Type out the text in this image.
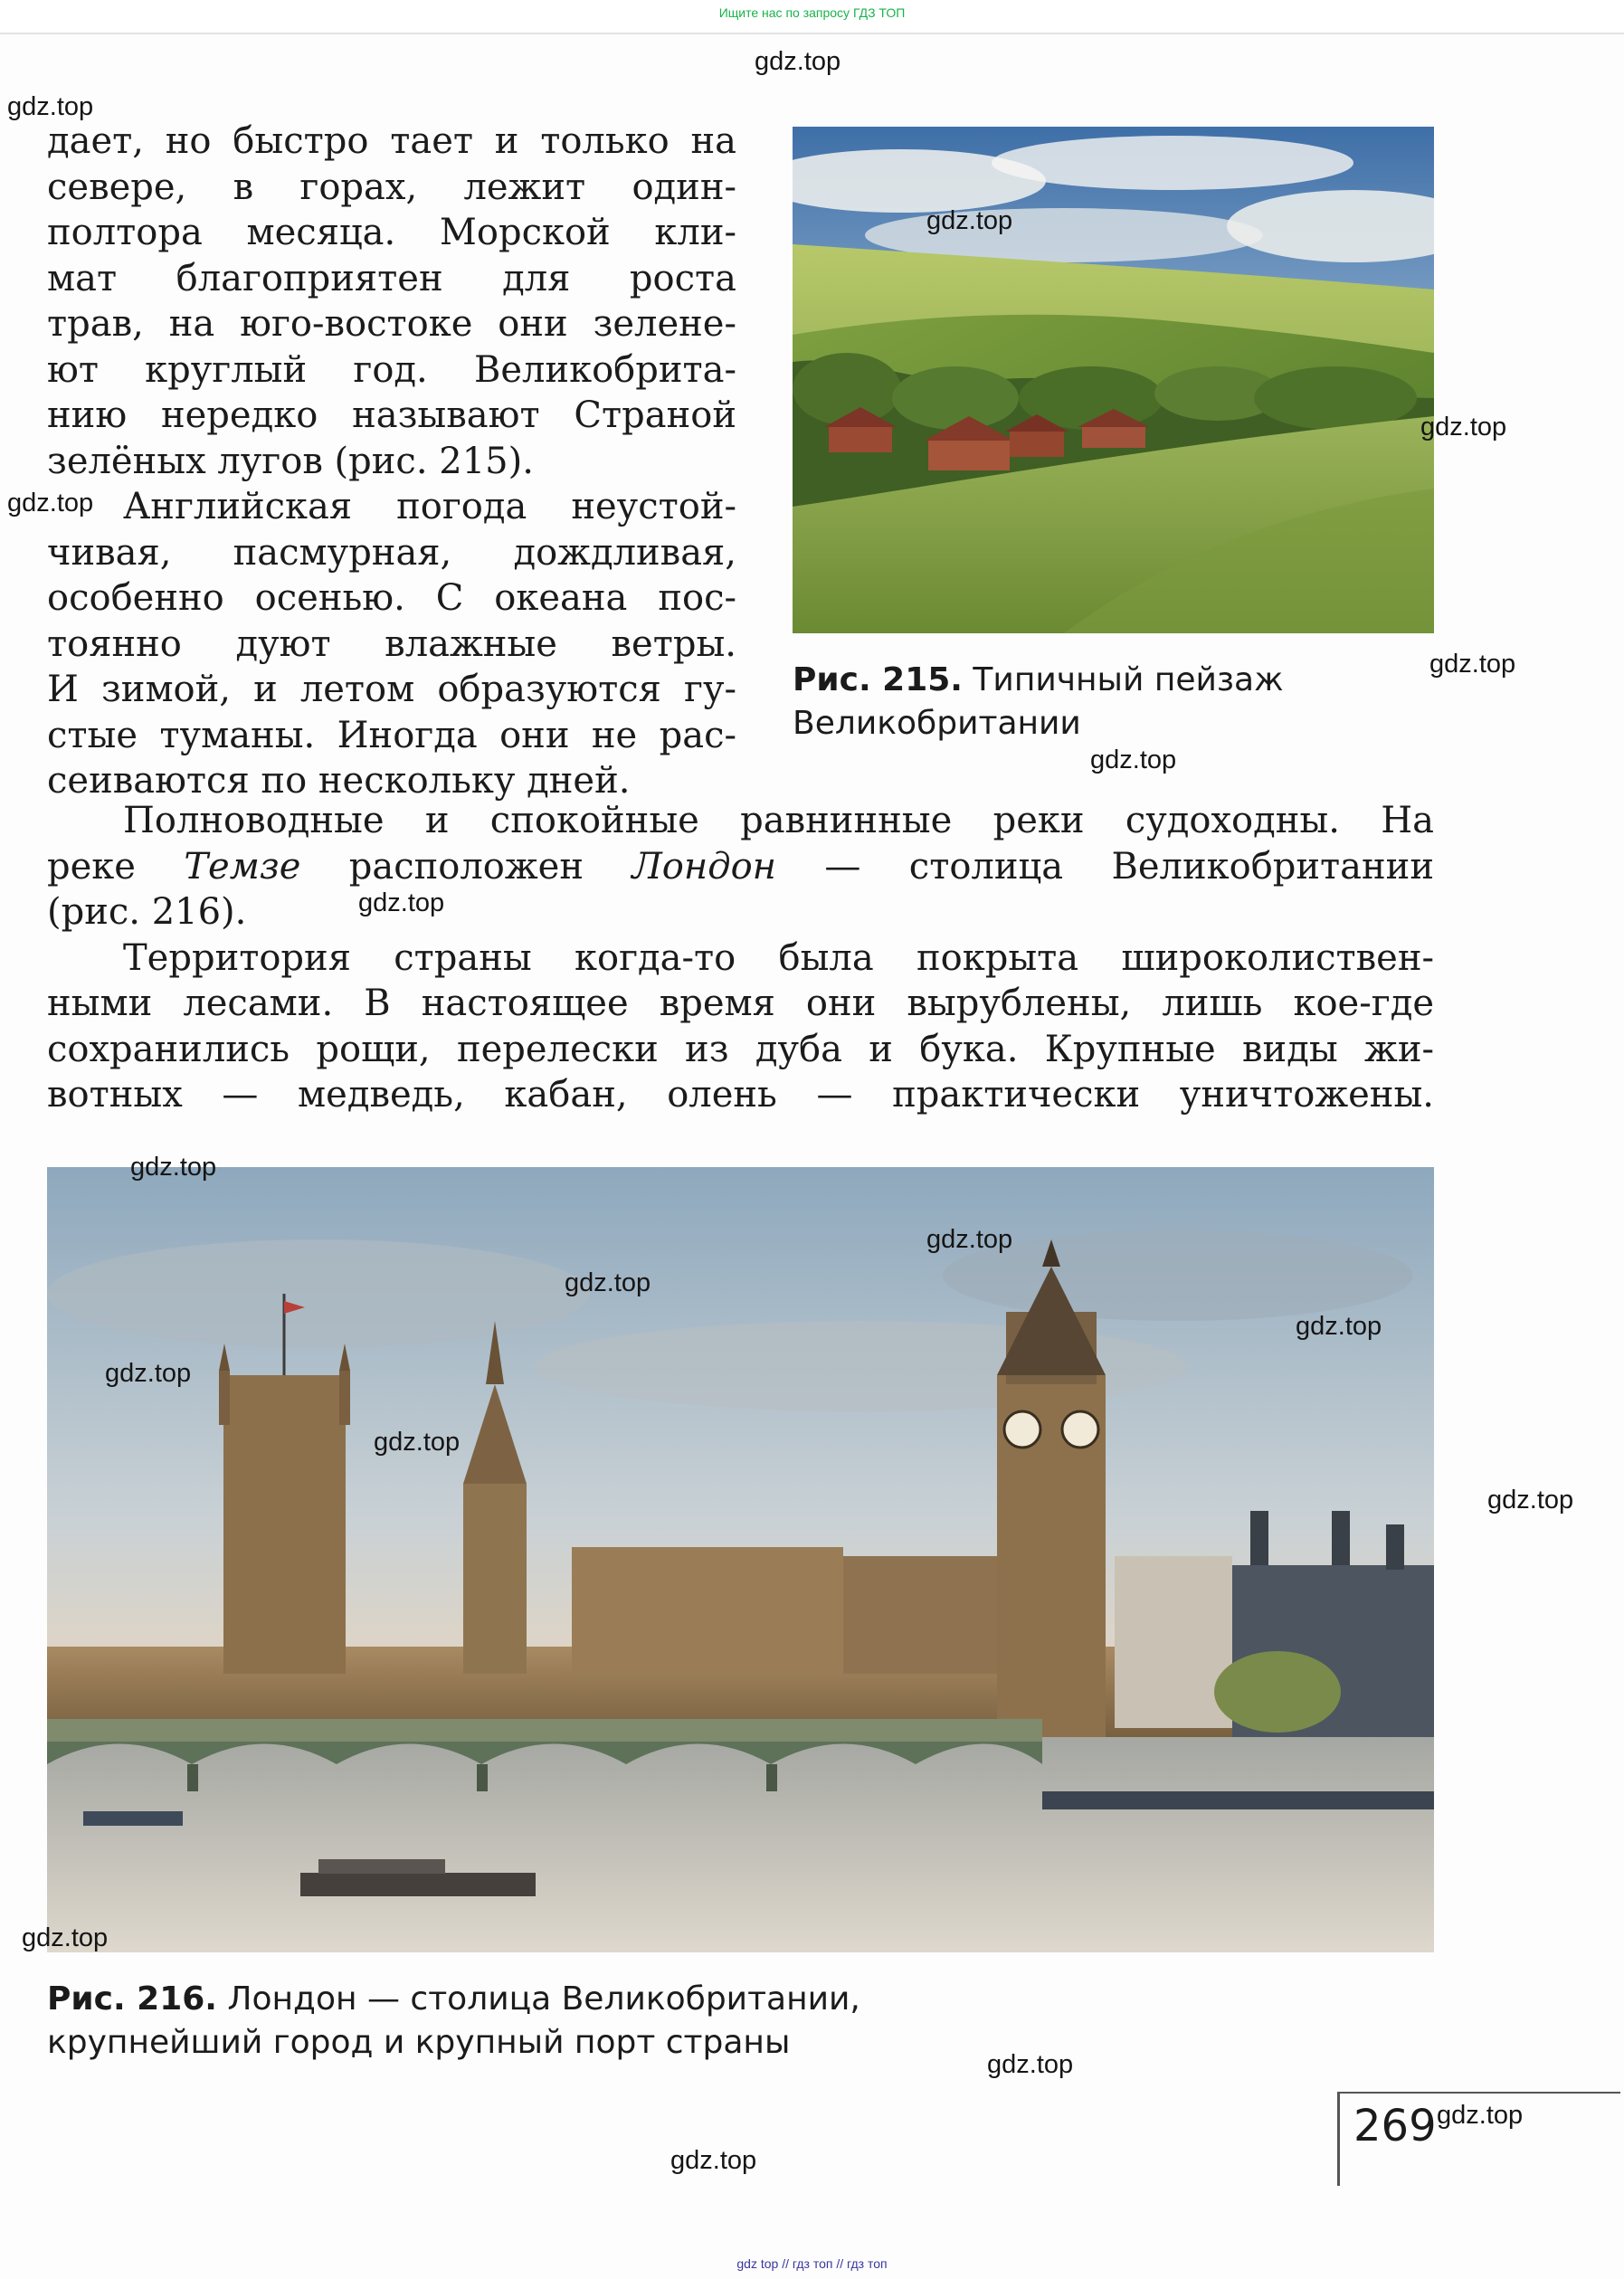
Ищите нас по запросу ГДЗ ТОП

дает, но быстро тает и только на

севере, в горах, лежит один-

полтора месяца. Морской кли-

мат благоприятен для роста

трав, на юго-востоке они зелене-

ют круглый год. Великобрита-

нию нередко называют Страной

зелёных лугов (рис. 215).

Английская погода неустой-

чивая, пасмурная, дождливая,

особенно осенью. С океана пос-

тоянно дуют влажные ветры.

И зимой, и летом образуются гу-

стые туманы. Иногда они не рас-

сеиваются по нескольку дней.

Рис. 215. Типичный пейзаж
Великобритании

Полноводные и спокойные равнинные реки судоходны. На

реке Темзе расположен Лондон — столица Великобритании

(рис. 216).

Территория страны когда-то была покрыта широколиствен-

ными лесами. В настоящее время они вырублены, лишь кое-где

сохранились рощи, перелески из дуба и бука. Крупные виды жи-

вотных — медведь, кабан, олень — практически уничтожены.

Рис. 216. Лондон — столица Великобритании,
крупнейший город и крупный порт страны
269
gdz.top
gdz.top
gdz.top
gdz.top
gdz.top
gdz.top
gdz.top
gdz.top
gdz.top
gdz.top
gdz.top
gdz.top
gdz.top
gdz.top
gdz.top
gdz.top
gdz.top
gdz.top
gdz.top
gdz top // гдз топ // гдз топ
